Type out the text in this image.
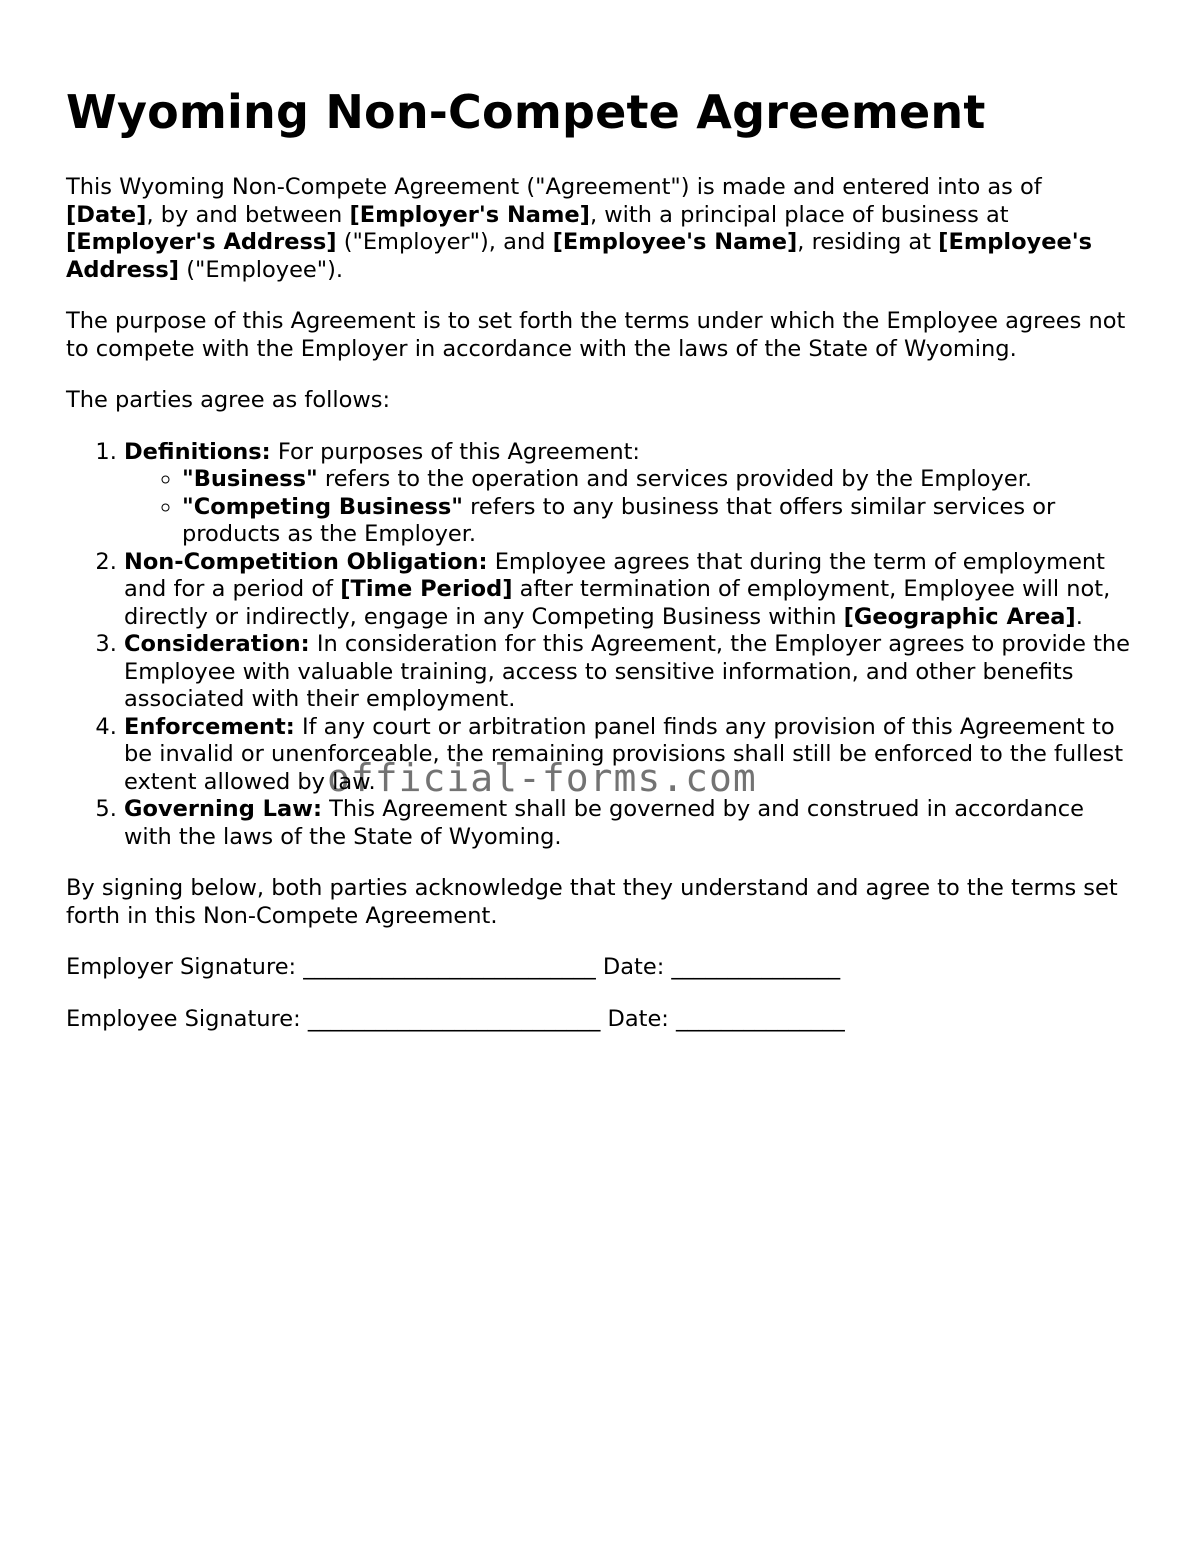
Wyoming Non-Compete Agreement

This Wyoming Non-Compete Agreement ("Agreement") is made and entered into as of [Date], by and between [Employer's Name], with a principal place of business at [Employer's Address] ("Employer"), and [Employee's Name], residing at [Employee's Address] ("Employee").

The purpose of this Agreement is to set forth the terms under which the Employee agrees not to compete with the Employer in accordance with the laws of the State of Wyoming.

The parties agree as follows:

1. Definitions: For purposes of this Agreement:
◦ "Business" refers to the operation and services provided by the Employer.
◦ "Competing Business" refers to any business that offers similar services or products as the Employer.
2. Non-Competition Obligation: Employee agrees that during the term of employment and for a period of [Time Period] after termination of employment, Employee will not, directly or indirectly, engage in any Competing Business within [Geographic Area].
3. Consideration: In consideration for this Agreement, the Employer agrees to provide the Employee with valuable training, access to sensitive information, and other benefits associated with their employment.
4. Enforcement: If any court or arbitration panel finds any provision of this Agreement to be invalid or unenforceable, the remaining provisions shall still be enforced to the fullest extent allowed by law.
5. Governing Law: This Agreement shall be governed by and construed in accordance with the laws of the State of Wyoming.

By signing below, both parties acknowledge that they understand and agree to the terms set forth in this Non-Compete Agreement.

Employer Signature: __________________________ Date: _______________
Employee Signature: __________________________ Date: _______________
official-forms.com
